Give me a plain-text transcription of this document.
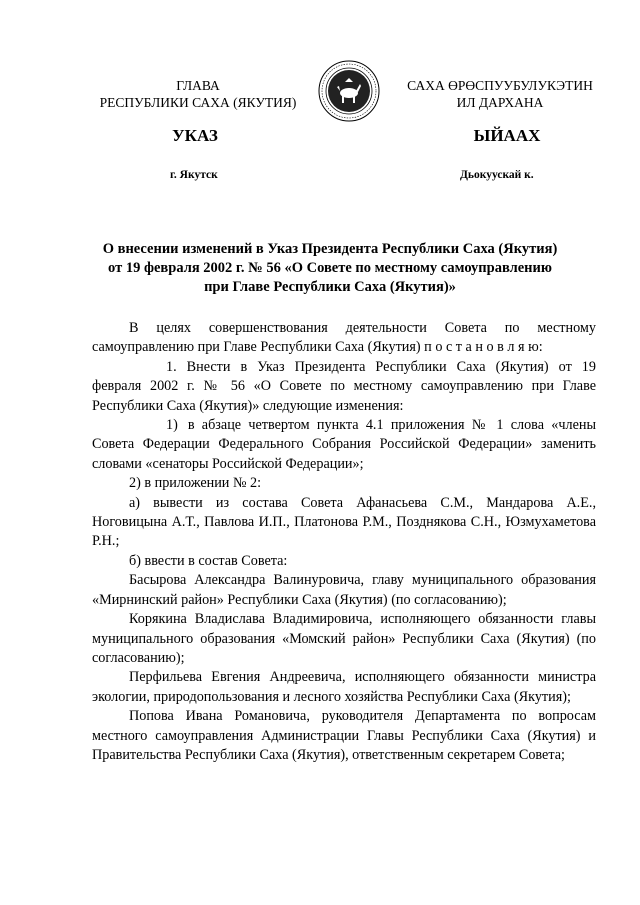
ГЛАВА
РЕСПУБЛИКИ САХА (ЯКУТИЯ)
САХА ӨРӨСПУУБУЛУКЭТИН
ИЛ ДАРХАНА
УКАЗ	ЫЙААХ
г. Якутск	Дьокуускай к.
О внесении изменений в Указ Президента Республики Саха (Якутия)
от 19 февраля 2002 г. № 56 «О Совете по местному самоуправлению
при Главе Республики Саха (Якутия)»

В целях совершенствования деятельности Совета по местному самоуправлению при Главе Республики Саха (Якутия) п о с т а н о в л я ю:

1. Внести в Указ Президента Республики Саха (Якутия) от 19 февраля 2002 г. № 56 «О Совете по местному самоуправлению при Главе Республики Саха (Якутия)» следующие изменения:

1) в абзаце четвертом пункта 4.1 приложения № 1 слова «члены Совета Федерации Федерального Собрания Российской Федерации» заменить словами «сенаторы Российской Федерации»;

2) в приложении № 2:

а) вывести из состава Совета Афанасьева С.М., Мандарова А.Е., Ноговицына А.Т., Павлова И.П., Платонова Р.М., Позднякова С.Н., Юзмухаметова Р.Н.;

б) ввести в состав Совета:

Басырова Александра Валинуровича, главу муниципального образования «Мирнинский район» Республики Саха (Якутия) (по согласованию);

Корякина Владислава Владимировича, исполняющего обязанности главы муниципального образования «Момский район» Республики Саха (Якутия) (по согласованию);

Перфильева Евгения Андреевича, исполняющего обязанности министра экологии, природопользования и лесного хозяйства Республики Саха (Якутия);

Попова Ивана Романовича, руководителя Департамента по вопросам местного самоуправления Администрации Главы Республики Саха (Якутия) и Правительства Республики Саха (Якутия), ответственным секретарем Совета;
